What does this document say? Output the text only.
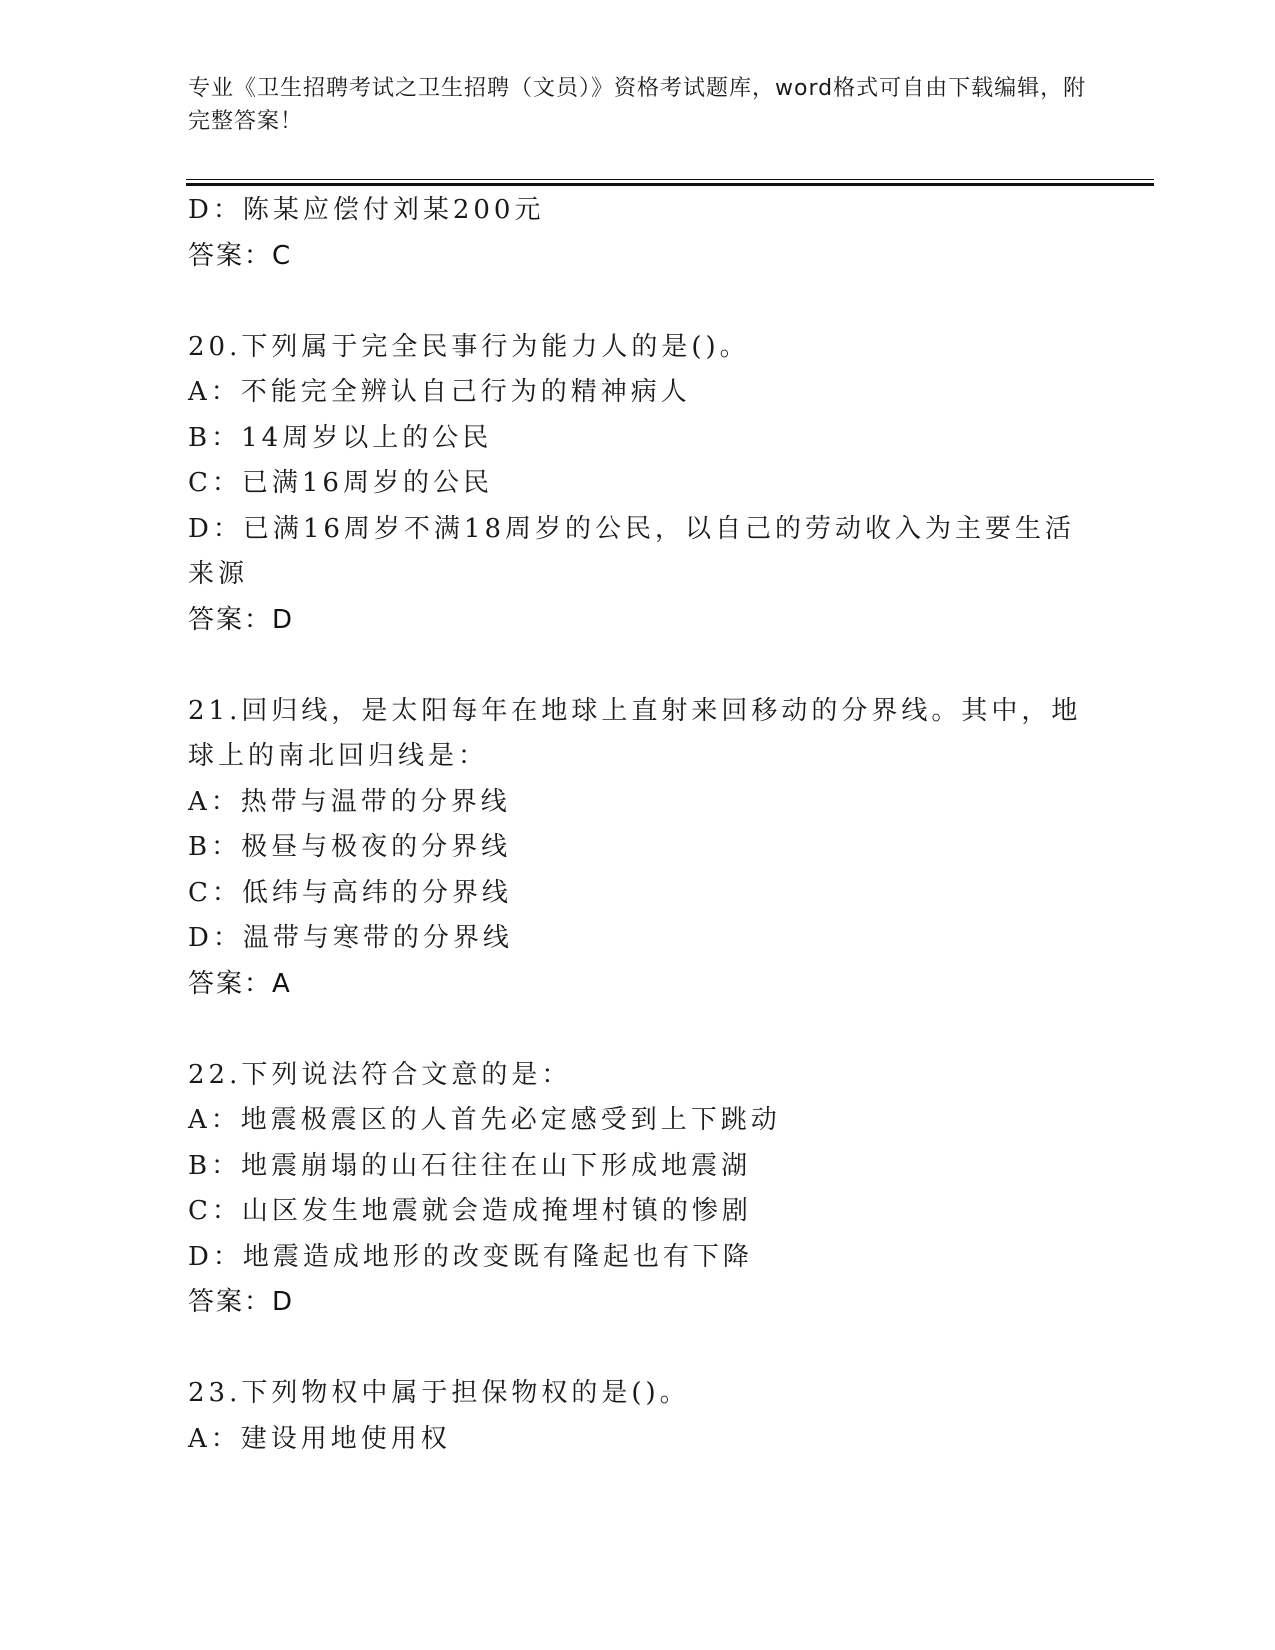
专业《卫生招聘考试之卫生招聘（文员）》资格考试题库，word格式可自由下载编辑，附完整答案！
D：陈某应偿付刘某200元
答案：C
20.下列属于完全民事行为能力人的是()。
A：不能完全辨认自己行为的精神病人
B：14周岁以上的公民
C：已满16周岁的公民
D：已满16周岁不满18周岁的公民，以自己的劳动收入为主要生活来源
答案：D
21.回归线，是太阳每年在地球上直射来回移动的分界线。其中，地球上的南北回归线是：
A：热带与温带的分界线
B：极昼与极夜的分界线
C：低纬与高纬的分界线
D：温带与寒带的分界线
答案：A
22.下列说法符合文意的是：
A：地震极震区的人首先必定感受到上下跳动
B：地震崩塌的山石往往在山下形成地震湖
C：山区发生地震就会造成掩埋村镇的惨剧
D：地震造成地形的改变既有隆起也有下降
答案：D
23.下列物权中属于担保物权的是()。
A：建设用地使用权
